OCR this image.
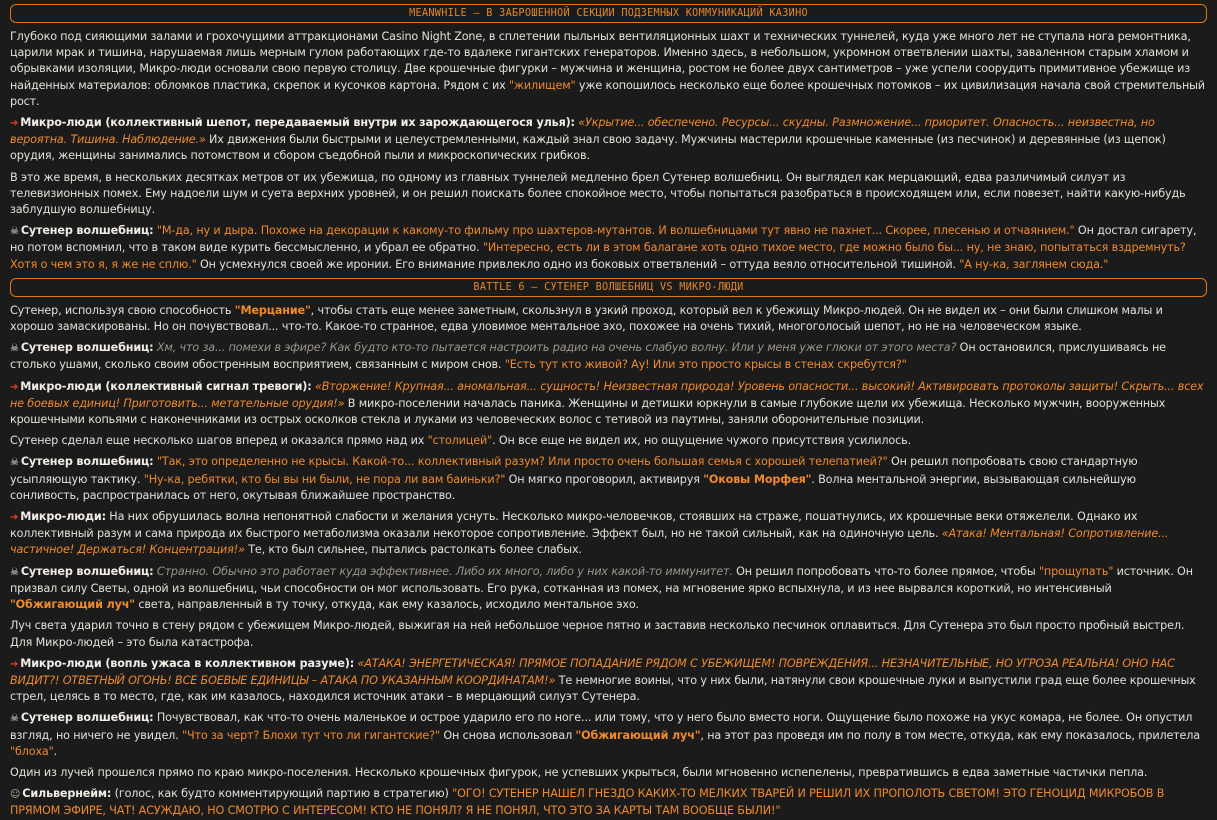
MEANWHILE – В ЗАБРОШЕННОЙ СЕКЦИИ ПОДЗЕМНЫХ КОММУНИКАЦИЙ КАЗИНО

Глубоко под сияющими залами и грохочущими аттракционами Casino Night Zone, в сплетении пыльных вентиляционных шахт и технических туннелей, куда уже много лет не ступала нога ремонтника, царили мрак и тишина, нарушаемая лишь мерным гулом работающих где-то вдалеке гигантских генераторов. Именно здесь, в небольшом, укромном ответвлении шахты, заваленном старым хламом и обрывками изоляции, Микро-люди основали свою первую столицу. Две крошечные фигурки – мужчина и женщина, ростом не более двух сантиметров – уже успели соорудить примитивное убежище из найденных материалов: обломков пластика, скрепок и кусочков картона. Рядом с их "жилищем" уже копошилось несколько еще более крошечных потомков – их цивилизация начала свой стремительный рост.

➔ Микро-люди (коллективный шепот, передаваемый внутри их зарождающегося улья): «Укрытие... обеспечено. Ресурсы... скудны. Размножение... приоритет. Опасность... неизвестна, но вероятна. Тишина. Наблюдение.» Их движения были быстрыми и целеустремленными, каждый знал свою задачу. Мужчины мастерили крошечные каменные (из песчинок) и деревянные (из щепок) орудия, женщины занимались потомством и сбором съедобной пыли и микроскопических грибков.

В это же время, в нескольких десятках метров от их убежища, по одному из главных туннелей медленно брел Сутенер волшебниц. Он выглядел как мерцающий, едва различимый силуэт из телевизионных помех. Ему надоели шум и суета верхних уровней, и он решил поискать более спокойное место, чтобы попытаться разобраться в происходящем или, если повезет, найти какую-нибудь заблудшую волшебницу.

☠ Сутенер волшебниц: "М-да, ну и дыра. Похоже на декорации к какому-то фильму про шахтеров-мутантов. И волшебницами тут явно не пахнет... Скорее, плесенью и отчаянием." Он достал сигарету, но потом вспомнил, что в таком виде курить бессмысленно, и убрал ее обратно. "Интересно, есть ли в этом балагане хоть одно тихое место, где можно было бы... ну, не знаю, попытаться вздремнуть? Хотя о чем это я, я же не сплю." Он усмехнулся своей же иронии. Его внимание привлекло одно из боковых ответвлений – оттуда веяло относительной тишиной. "А ну-ка, заглянем сюда."

BATTLE 6 – СУТЕНЕР ВОЛШЕБНИЦ VS МИКРО-ЛЮДИ

Сутенер, используя свою способность "Мерцание", чтобы стать еще менее заметным, скользнул в узкий проход, который вел к убежищу Микро-людей. Он не видел их – они были слишком малы и хорошо замаскированы. Но он почувствовал... что-то. Какое-то странное, едва уловимое ментальное эхо, похожее на очень тихий, многоголосый шепот, но не на человеческом языке.

☠ Сутенер волшебниц: Хм, что за... помехи в эфире? Как будто кто-то пытается настроить радио на очень слабую волну. Или у меня уже глюки от этого места? Он остановился, прислушиваясь не столько ушами, сколько своим обостренным восприятием, связанным с миром снов. "Есть тут кто живой? Ау! Или это просто крысы в стенах скребутся?"

➔ Микро-люди (коллективный сигнал тревоги): «Вторжение! Крупная... аномальная... сущность! Неизвестная природа! Уровень опасности... высокий! Активировать протоколы защиты! Скрыть... всех не боевых единиц! Приготовить... метательные орудия!» В микро-поселении началась паника. Женщины и детишки юркнули в самые глубокие щели их убежища. Несколько мужчин, вооруженных крошечными копьями с наконечниками из острых осколков стекла и луками из человеческих волос с тетивой из паутины, заняли оборонительные позиции.

Сутенер сделал еще несколько шагов вперед и оказался прямо над их "столицей". Он все еще не видел их, но ощущение чужого присутствия усилилось.

☠ Сутенер волшебниц: "Так, это определенно не крысы. Какой-то... коллективный разум? Или просто очень большая семья с хорошей телепатией?" Он решил попробовать свою стандартную усыпляющую тактику. "Ну-ка, ребятки, кто бы вы ни были, не пора ли вам баиньки?" Он мягко проговорил, активируя "Оковы Морфея". Волна ментальной энергии, вызывающая сильнейшую сонливость, распространилась от него, окутывая ближайшее пространство.

➔ Микро-люди: На них обрушилась волна непонятной слабости и желания уснуть. Несколько микро-человечков, стоявших на страже, пошатнулись, их крошечные веки отяжелели. Однако их коллективный разум и сама природа их быстрого метаболизма оказали некоторое сопротивление. Эффект был, но не такой сильный, как на одиночную цель. «Атака! Ментальная! Сопротивление... частичное! Держаться! Концентрация!» Те, кто был сильнее, пытались растолкать более слабых.

☠ Сутенер волшебниц: Странно. Обычно это работает куда эффективнее. Либо их много, либо у них какой-то иммунитет. Он решил попробовать что-то более прямое, чтобы "прощупать" источник. Он призвал силу Светы, одной из волшебниц, чьи способности он мог использовать. Его рука, сотканная из помех, на мгновение ярко вспыхнула, и из нее вырвался короткий, но интенсивный "Обжигающий луч" света, направленный в ту точку, откуда, как ему казалось, исходило ментальное эхо.

Луч света ударил точно в стену рядом с убежищем Микро-людей, выжигая на ней небольшое черное пятно и заставив несколько песчинок оплавиться. Для Сутенера это был просто пробный выстрел. Для Микро-людей – это была катастрофа.

➔ Микро-люди (вопль ужаса в коллективном разуме): «АТАКА! ЭНЕРГЕТИЧЕСКАЯ! ПРЯМОЕ ПОПАДАНИЕ РЯДОМ С УБЕЖИЩЕМ! ПОВРЕЖДЕНИЯ... НЕЗНАЧИТЕЛЬНЫЕ, НО УГРОЗА РЕАЛЬНА! ОНО НАС ВИДИТ?! ОТВЕТНЫЙ ОГОНЬ! ВСЕ БОЕВЫЕ ЕДИНИЦЫ – АТАКА ПО УКАЗАННЫМ КООРДИНАТАМ!» Те немногие воины, что у них были, натянули свои крошечные луки и выпустили град еще более крошечных стрел, целясь в то место, где, как им казалось, находился источник атаки – в мерцающий силуэт Сутенера.

☠ Сутенер волшебниц: Почувствовал, как что-то очень маленькое и острое ударило его по ноге... или тому, что у него было вместо ноги. Ощущение было похоже на укус комара, не более. Он опустил взгляд, но ничего не увидел. "Что за черт? Блохи тут что ли гигантские?" Он снова использовал "Обжигающий луч", на этот раз проведя им по полу в том месте, откуда, как ему показалось, прилетела "блоха".

Один из лучей прошелся прямо по краю микро-поселения. Несколько крошечных фигурок, не успевших укрыться, были мгновенно испепелены, превратившись в едва заметные частички пепла.

☺ Сильвернейм: (голос, как будто комментирующий партию в стратегию) "ОГО! СУТЕНЕР НАШЕЛ ГНЕЗДО КАКИХ-ТО МЕЛКИХ ТВАРЕЙ И РЕШИЛ ИХ ПРОПОЛОТЬ СВЕТОМ! ЭТО ГЕНОЦИД МИКРОБОВ В ПРЯМОМ ЭФИРЕ, ЧАТ! АСУЖДАЮ, НО СМОТРЮ С ИНТЕРЕСОМ! КТО НЕ ПОНЯЛ? Я НЕ ПОНЯЛ, ЧТО ЭТО ЗА КАРТЫ ТАМ ВООБЩЕ БЫЛИ!"
